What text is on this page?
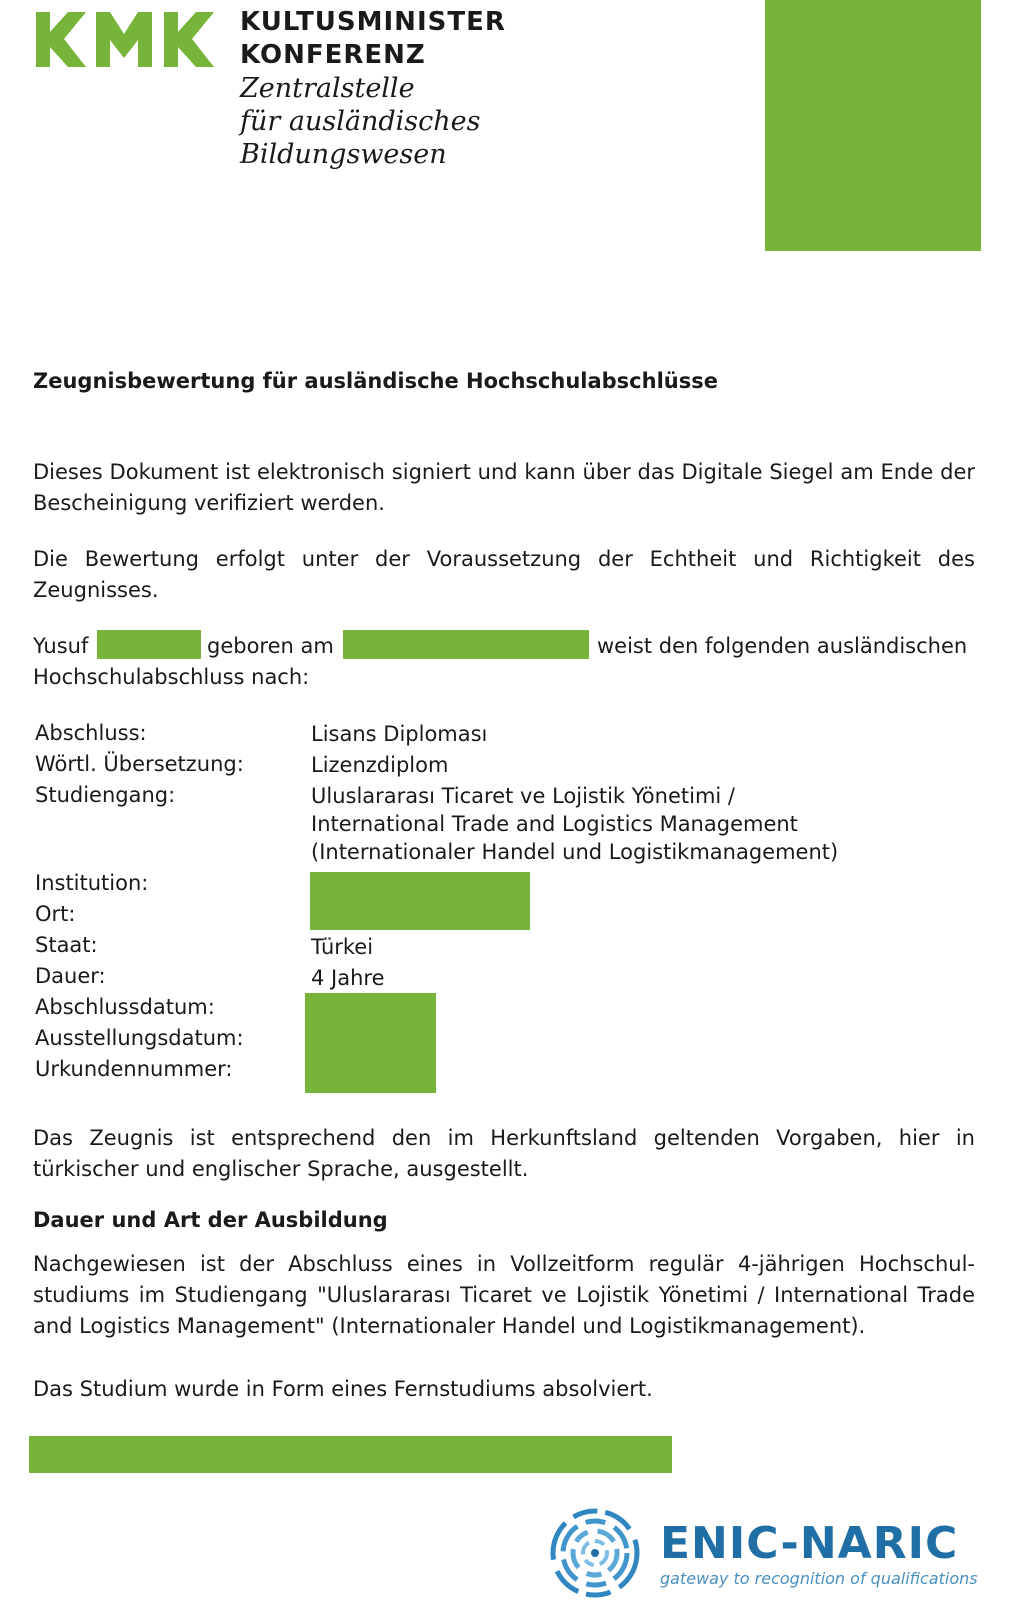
KULTUSMINISTER
KONFERENZ
Zentralstelle
für ausländisches
Bildungswesen
Zeugnisbewertung für ausländische Hochschulabschlüsse
Dieses Dokument ist elektronisch signiert und kann über das Digitale Siegel am Ende der Bescheinigung verifiziert werden.
Die Bewertung erfolgt unter der Voraussetzung der Echtheit und Richtigkeit des Zeugnisses.
Yusuf	geboren am	weist den folgenden ausländischen
Hochschulabschluss nach:
Abschluss:	Lisans Diploması
Wörtl. Übersetzung:	Lizenzdiplom
Studiengang:	Uluslararası Ticaret ve Lojistik Yönetimi /
International Trade and Logistics Management
(Internationaler Handel und Logistikmanagement)
Institution:
Ort:
Staat:	Türkei
Dauer:	4 Jahre
Abschlussdatum:
Ausstellungsdatum:
Urkundennummer:
Das Zeugnis ist entsprechend den im Herkunftsland geltenden Vorgaben, hier in türkischer und englischer Sprache, ausgestellt.
Dauer und Art der Ausbildung
Nachgewiesen ist der Abschluss eines in Vollzeitform regulär 4-jährigen Hochschul-studiums im Studiengang "Uluslararası Ticaret ve Lojistik Yönetimi / International Trade and Logistics Management" (Internationaler Handel und Logistikmanagement).
Das Studium wurde in Form eines Fernstudiums absolviert.
ENIC-NARIC
gateway to recognition of qualifications
